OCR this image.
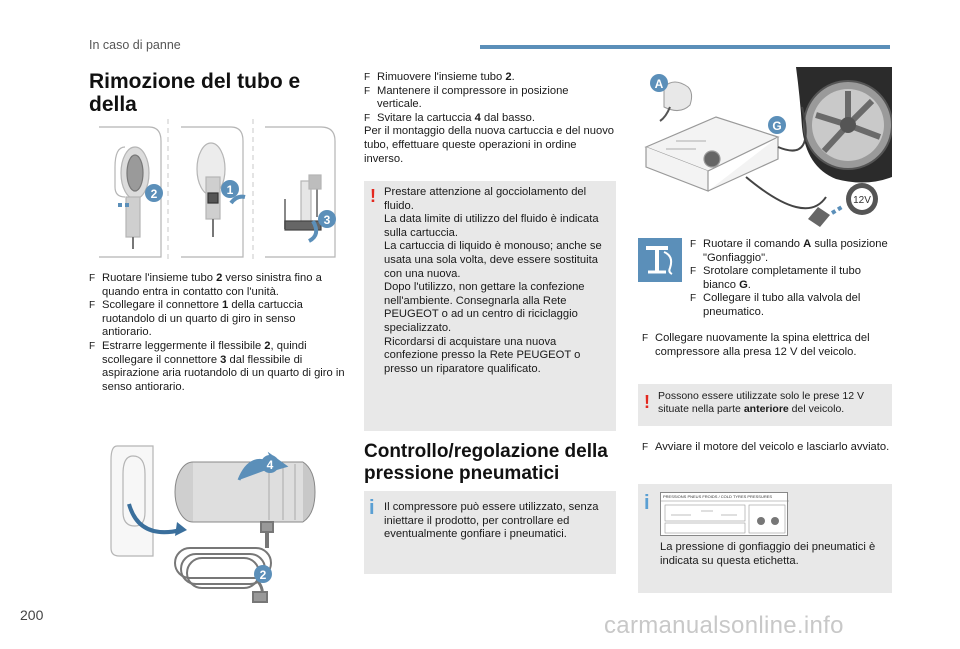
In caso di panne
Rimozione del tubo e della
2	1
3
F Ruotare l'insieme tubo 2 verso sinistra fino a quando entra in contatto con l'unità.
F Scollegare il connettore 1 della cartuccia ruotandolo di un quarto di giro in senso antiorario.
F Estrarre leggermente il flessibile 2, quindi scollegare il connettore 3 dal flessibile di aspirazione aria ruotandolo di un quarto di giro in senso antiorario.
4
2
F Rimuovere l'insieme tubo 2.
F Mantenere il compressore in posizione verticale.
F Svitare la cartuccia 4 dal basso.
Per il montaggio della nuova cartuccia e del nuovo tubo, effettuare queste operazioni in ordine inverso.
! Prestare attenzione al gocciolamento del fluido.
La data limite di utilizzo del fluido è indicata sulla cartuccia.
La cartuccia di liquido è monouso; anche se usata una sola volta, deve essere sostituita con una nuova.
Dopo l'utilizzo, non gettare la confezione nell'ambiente. Consegnarla alla Rete PEUGEOT o ad un centro di riciclaggio specializzato.
Ricordarsi di acquistare una nuova confezione presso la Rete PEUGEOT o presso un riparatore qualificato.
Controllo/regolazione della
pressione pneumatici
i Il compressore può essere utilizzato, senza iniettare il prodotto, per controllare ed eventualmente gonfiare i pneumatici.
12V
A
G
F Ruotare il comando A sulla posizione "Gonfiaggio".
F Srotolare completamente il tubo bianco G.
F Collegare il tubo alla valvola del pneumatico.
F Collegare nuovamente la spina elettrica del compressore alla presa 12 V del veicolo.
! Possono essere utilizzate solo le prese 12 V situate nella parte anteriore del veicolo.
F Avviare il motore del veicolo e lasciarlo avviato.
i	PRESSIONS PNEUS FROIDS / COLD TYRES PRESSURES
La pressione di gonfiaggio dei pneumatici è indicata su questa etichetta.
200	carmanualsonline.info
